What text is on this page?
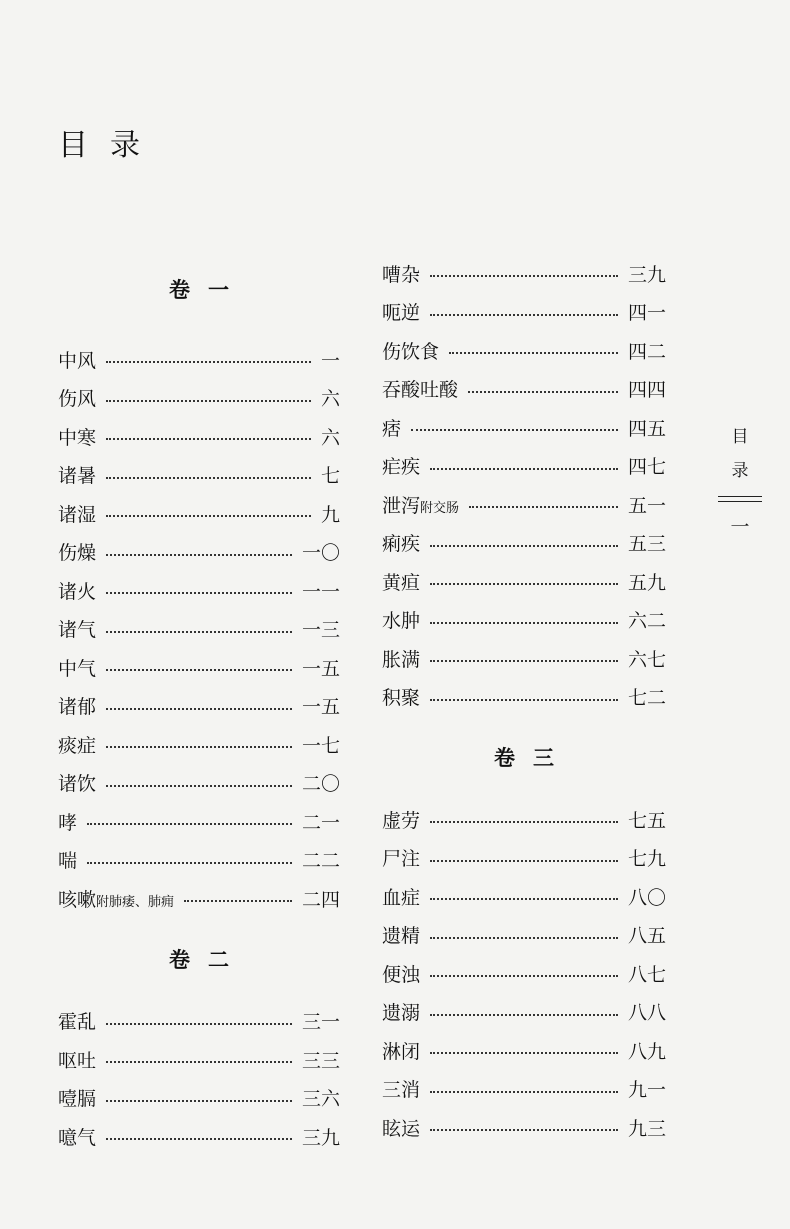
目录
卷一
中风	一
伤风	六
中寒	六
诸暑	七
诸湿	九
伤燥	一〇
诸火	一一
诸气	一三
中气	一五
诸郁	一五
痰症	一七
诸饮	二〇
哮	二一
喘	二二
咳嗽附肺痿、肺痈	二四
卷二
霍乱	三一
呕吐	三三
噎膈	三六
噫气	三九
嘈杂	三九
呃逆	四一
伤饮食	四二
吞酸吐酸	四四
痞	四五
疟疾	四七
泄泻附交肠	五一
痢疾	五三
黄疸	五九
水肿	六二
胀满	六七
积聚	七二
卷三
虚劳	七五
尸注	七九
血症	八〇
遗精	八五
便浊	八七
遗溺	八八
淋闭	八九
三消	九一
眩运	九三
目
录
一
